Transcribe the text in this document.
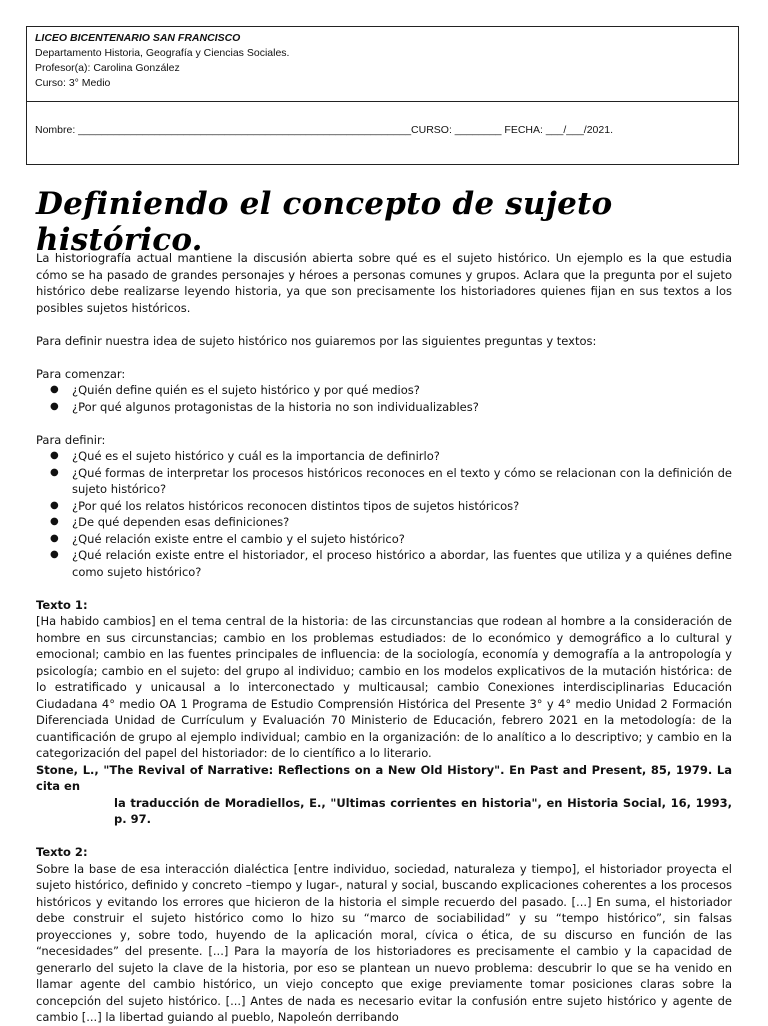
LICEO BICENTENARIO SAN FRANCISCO
Departamento Historia, Geografía y Ciencias Sociales.
Profesor(a): Carolina González
Curso: 3° Medio
Nombre: _________________________________________________________CURSO: ________ FECHA: ___/___/2021.
Definiendo el concepto de sujeto histórico.

La historiografía actual mantiene la discusión abierta sobre qué es el sujeto histórico. Un ejemplo es la que estudia cómo se ha pasado de grandes personajes y héroes a personas comunes y grupos. Aclara que la pregunta por el sujeto histórico debe realizarse leyendo historia, ya que son precisamente los historiadores quienes fijan en sus textos a los posibles sujetos históricos.

Para definir nuestra idea de sujeto histórico nos guiaremos por las siguientes preguntas y textos:

Para comenzar:

● ¿Quién define quién es el sujeto histórico y por qué medios?
● ¿Por qué algunos protagonistas de la historia no son individualizables?

Para definir:

● ¿Qué es el sujeto histórico y cuál es la importancia de definirlo?
● ¿Qué formas de interpretar los procesos históricos reconoces en el texto y cómo se relacionan con la definición de sujeto histórico?
● ¿Por qué los relatos históricos reconocen distintos tipos de sujetos históricos?
● ¿De qué dependen esas definiciones?
● ¿Qué relación existe entre el cambio y el sujeto histórico?
● ¿Qué relación existe entre el historiador, el proceso histórico a abordar, las fuentes que utiliza y a quiénes define como sujeto histórico?

Texto 1:

[Ha habido cambios] en el tema central de la historia: de las circunstancias que rodean al hombre a la consideración de hombre en sus circunstancias; cambio en los problemas estudiados: de lo económico y demográfico a lo cultural y emocional; cambio en las fuentes principales de influencia: de la sociología, economía y demografía a la antropología y psicología; cambio en el sujeto: del grupo al individuo; cambio en los modelos explicativos de la mutación histórica: de lo estratificado y unicausal a lo interconectado y multicausal; cambio Conexiones interdisciplinarias Educación Ciudadana 4° medio OA 1 Programa de Estudio Comprensión Histórica del Presente 3° y 4° medio Unidad 2 Formación Diferenciada Unidad de Currículum y Evaluación 70 Ministerio de Educación, febrero 2021 en la metodología: de la cuantificación de grupo al ejemplo individual; cambio en la organización: de lo analítico a lo descriptivo; y cambio en la categorización del papel del historiador: de lo científico a lo literario.

Stone, L., "The Revival of Narrative: Reflections on a New Old History". En Past and Present, 85, 1979. La cita en
la traducción de Moradiellos, E., "Ultimas corrientes en historia", en Historia Social, 16, 1993, p. 97.

Texto 2:

Sobre la base de esa interacción dialéctica [entre individuo, sociedad, naturaleza y tiempo], el historiador proyecta el sujeto histórico, definido y concreto –tiempo y lugar-, natural y social, buscando explicaciones coherentes a los procesos históricos y evitando los errores que hicieron de la historia el simple recuerdo del pasado. [...] En suma, el historiador debe construir el sujeto histórico como lo hizo su “marco de sociabilidad” y su “tempo histórico”, sin falsas proyecciones y, sobre todo, huyendo de la aplicación moral, cívica o ética, de su discurso en función de las “necesidades” del presente. [...] Para la mayoría de los historiadores es precisamente el cambio y la capacidad de generarlo del sujeto la clave de la historia, por eso se plantean un nuevo problema: descubrir lo que se ha venido en llamar agente del cambio histórico, un viejo concepto que exige previamente tomar posiciones claras sobre la concepción del sujeto histórico. [...] Antes de nada es necesario evitar la confusión entre sujeto histórico y agente de cambio [...] la libertad guiando al pueblo, Napoleón derribando
